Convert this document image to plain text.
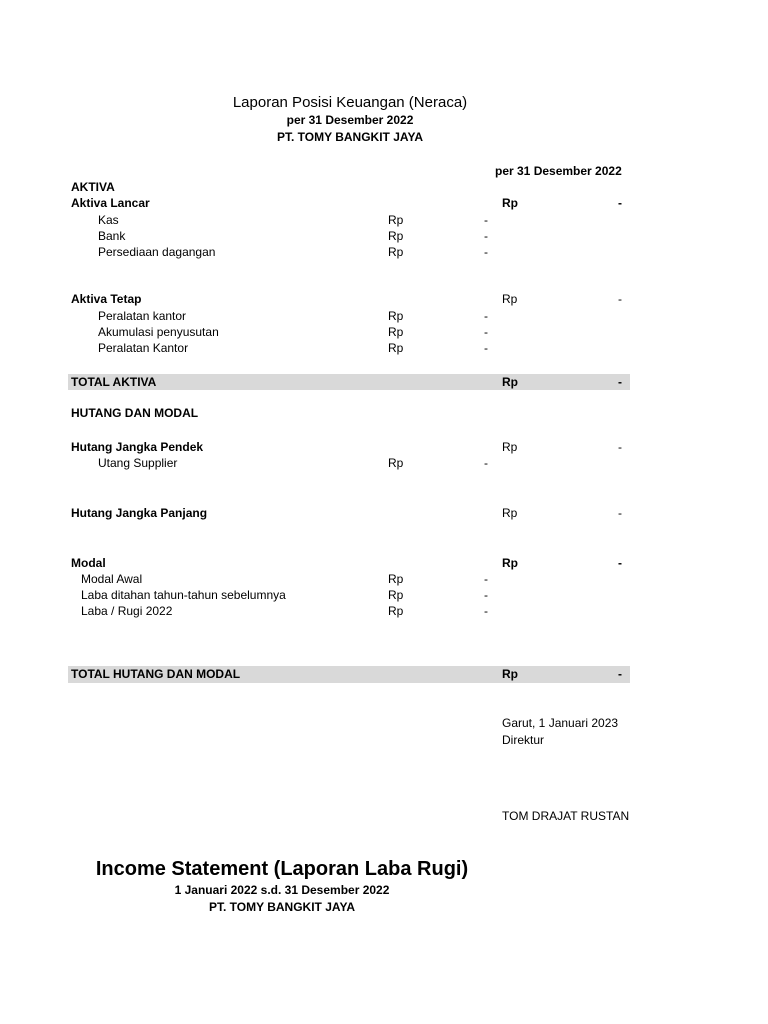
Laporan Posisi Keuangan (Neraca)
per 31 Desember 2022
PT. TOMY BANGKIT JAYA
per 31 Desember 2022
AKTIVA
Aktiva Lancar	Rp	-
Kas	Rp	-
Bank	Rp	-
Persediaan dagangan	Rp	-
Aktiva Tetap	Rp	-
Peralatan kantor	Rp	-
Akumulasi penyusutan	Rp	-
Peralatan Kantor	Rp	-
TOTAL AKTIVA	Rp	-
HUTANG DAN MODAL
Hutang Jangka Pendek	Rp	-
Utang Supplier	Rp	-
Hutang Jangka Panjang	Rp	-
Modal	Rp	-
Modal Awal	Rp	-
Laba ditahan tahun-tahun sebelumnya	Rp	-
Laba / Rugi 2022	Rp	-
TOTAL HUTANG DAN MODAL	Rp	-
Garut, 1 Januari 2023
Direktur
TOM DRAJAT RUSTAN
Income Statement (Laporan Laba Rugi)
1 Januari 2022 s.d. 31 Desember 2022
PT. TOMY BANGKIT JAYA
